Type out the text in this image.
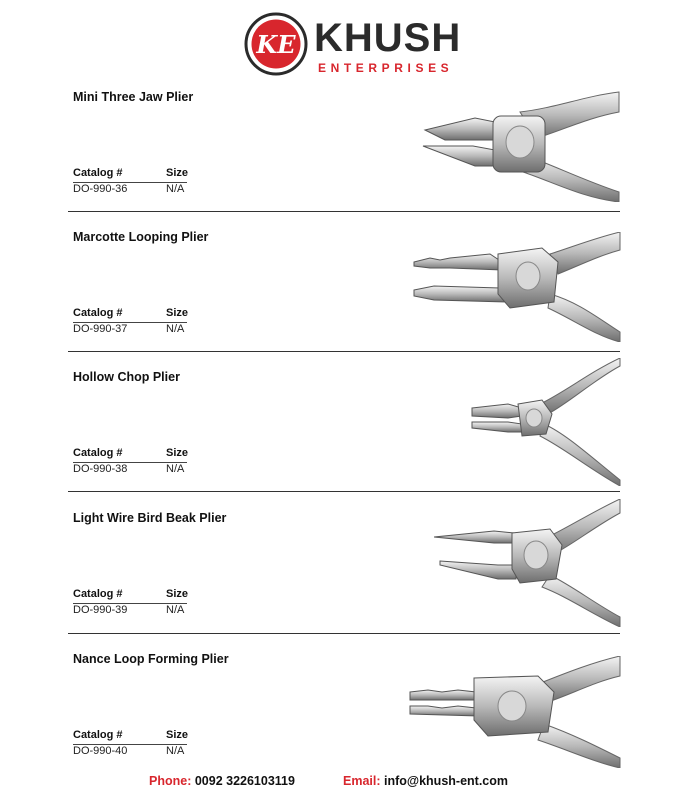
KE KHUSH
ENTERPRISES
Mini Three Jaw Plier
Catalog #	Size
DO-990-36	N/A
Marcotte Looping Plier
Catalog #	Size
DO-990-37	N/A
Hollow Chop Plier
Catalog #	Size
DO-990-38	N/A
Light Wire Bird Beak Plier
Catalog #	Size
DO-990-39	N/A
Nance Loop Forming Plier
Catalog #	Size
DO-990-40	N/A
Phone: 0092 3226103119	Email: info@khush-ent.com
